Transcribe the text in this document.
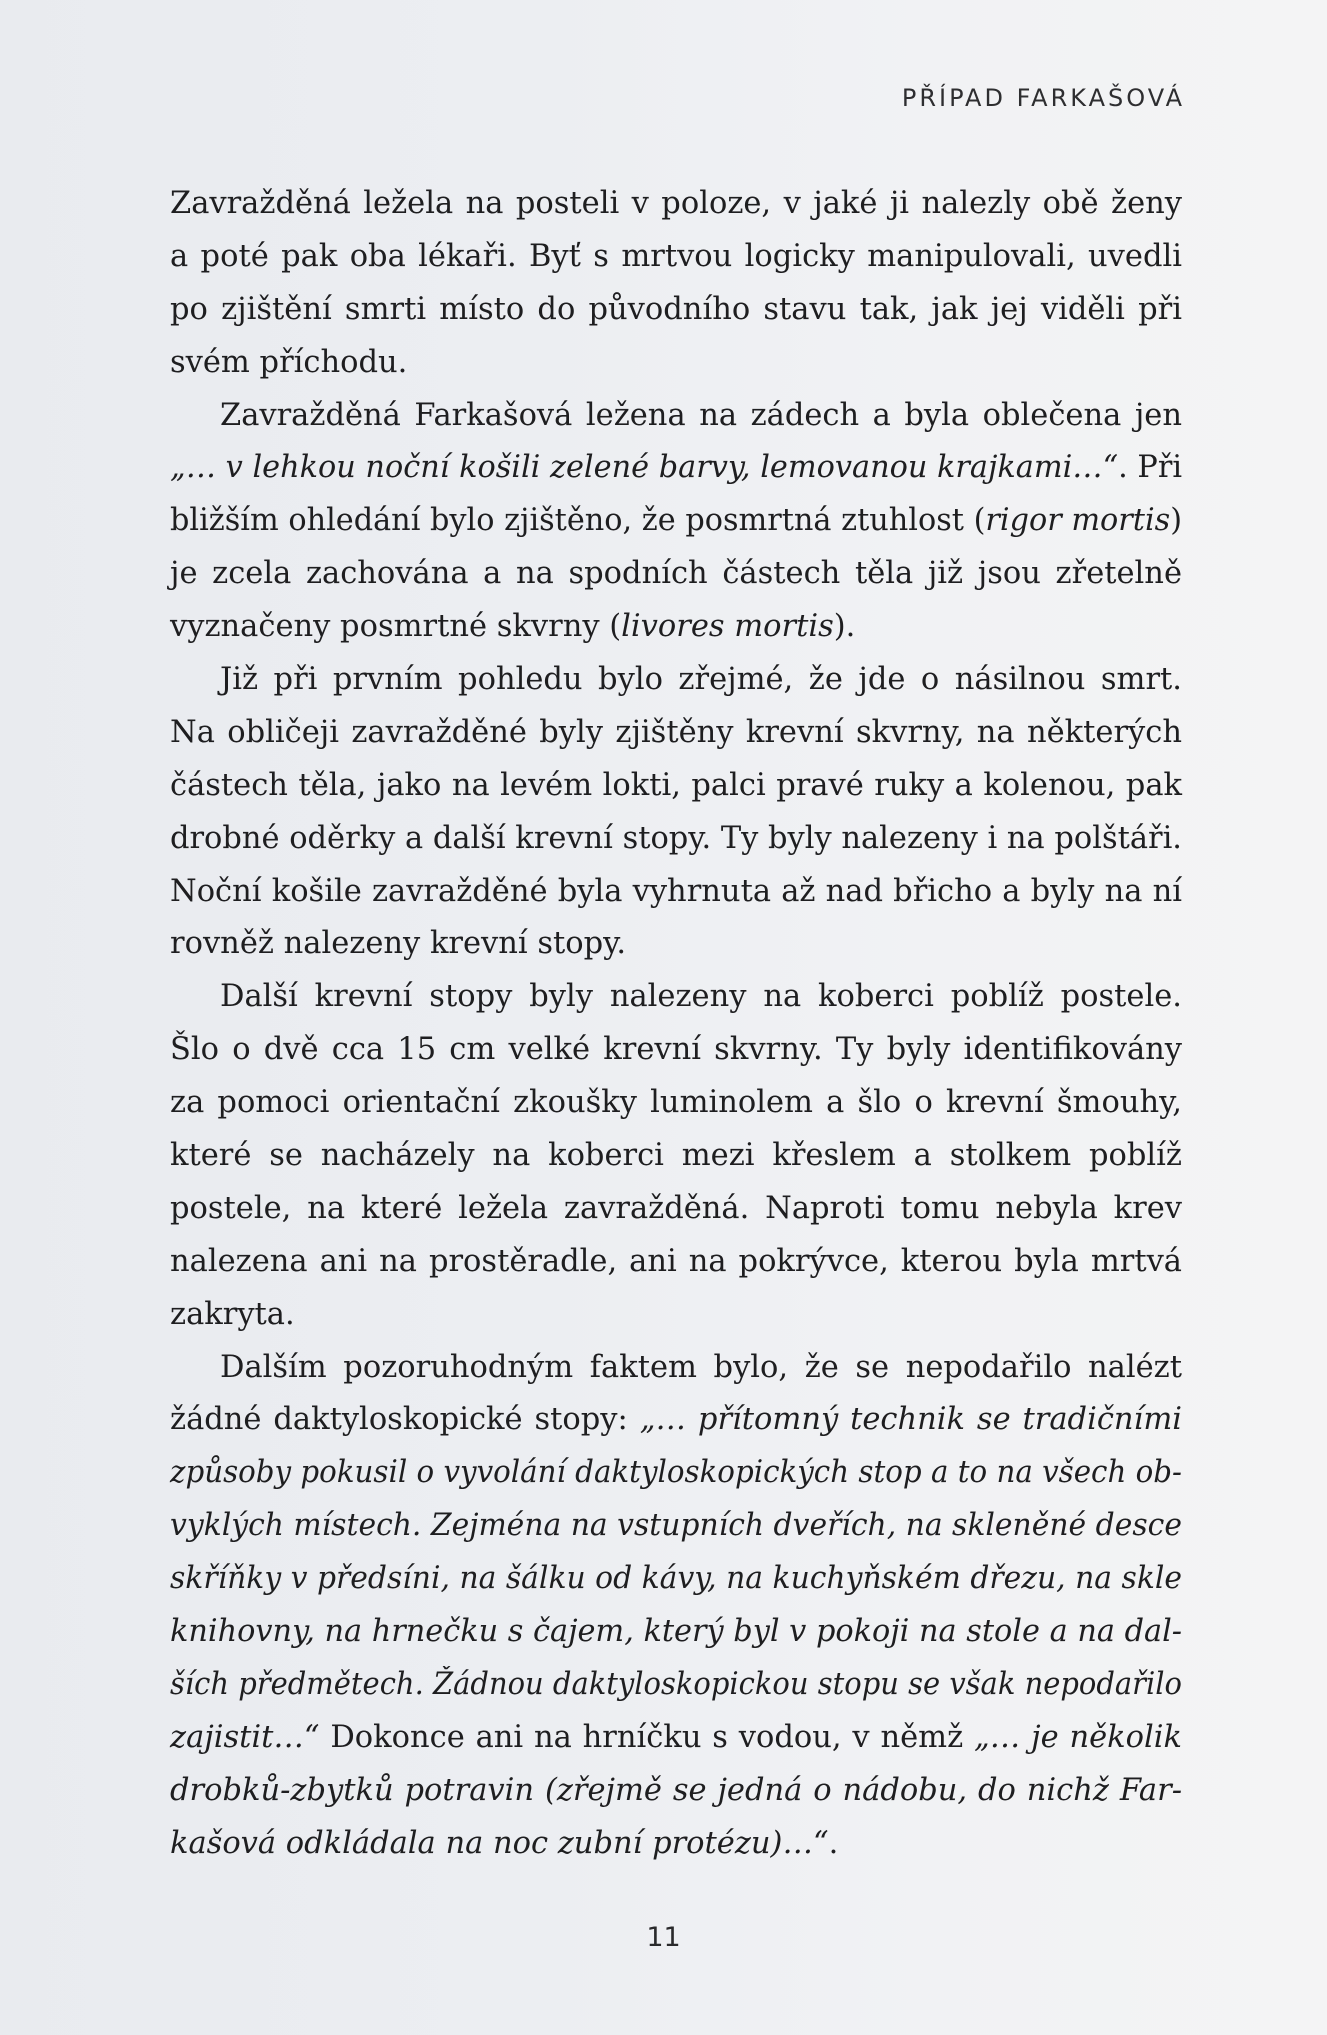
PŘÍPAD FARKAŠOVÁ
Zavražděná ležela na posteli v poloze, v jaké ji nalezly obě ženy
a poté pak oba lékaři. Byť s mrtvou logicky manipulovali, uvedli
po zjištění smrti místo do původního stavu tak, jak jej viděli při
svém příchodu.
Zavražděná Farkašová ležena na zádech a byla oblečena jen
„… v lehkou noční košili zelené barvy, lemovanou krajkami…“. Při
bližším ohledání bylo zjištěno, že posmrtná ztuhlost (rigor mortis)
je zcela zachována a na spodních částech těla již jsou zřetelně
vyznačeny posmrtné skvrny (livores mortis).
Již při prvním pohledu bylo zřejmé, že jde o násilnou smrt.
Na obličeji zavražděné byly zjištěny krevní skvrny, na některých
částech těla, jako na levém lokti, palci pravé ruky a kolenou, pak
drobné oděrky a další krevní stopy. Ty byly nalezeny i na polštáři.
Noční košile zavražděné byla vyhrnuta až nad břicho a byly na ní
rovněž nalezeny krevní stopy.
Další krevní stopy byly nalezeny na koberci poblíž postele.
Šlo o dvě cca 15 cm velké krevní skvrny. Ty byly identifikovány
za pomoci orientační zkoušky luminolem a šlo o krevní šmouhy,
které se nacházely na koberci mezi křeslem a stolkem poblíž
postele, na které ležela zavražděná. Naproti tomu nebyla krev
nalezena ani na prostěradle, ani na pokrývce, kterou byla mrtvá
zakryta.
Dalším pozoruhodným faktem bylo, že se nepodařilo nalézt
žádné daktyloskopické stopy: „… přítomný technik se tradičními
způsoby pokusil o vyvolání daktyloskopických stop a to na všech ob-
vyklých místech. Zejména na vstupních dveřích, na skleněné desce
skříňky v předsíni, na šálku od kávy, na kuchyňském dřezu, na skle
knihovny, na hrnečku s čajem, který byl v pokoji na stole a na dal-
ších předmětech. Žádnou daktyloskopickou stopu se však nepodařilo
zajistit…“ Dokonce ani na hrníčku s vodou, v němž „… je několik
drobků-zbytků potravin (zřejmě se jedná o nádobu, do nichž Far-
kašová odkládala na noc zubní protézu)…“.
11
